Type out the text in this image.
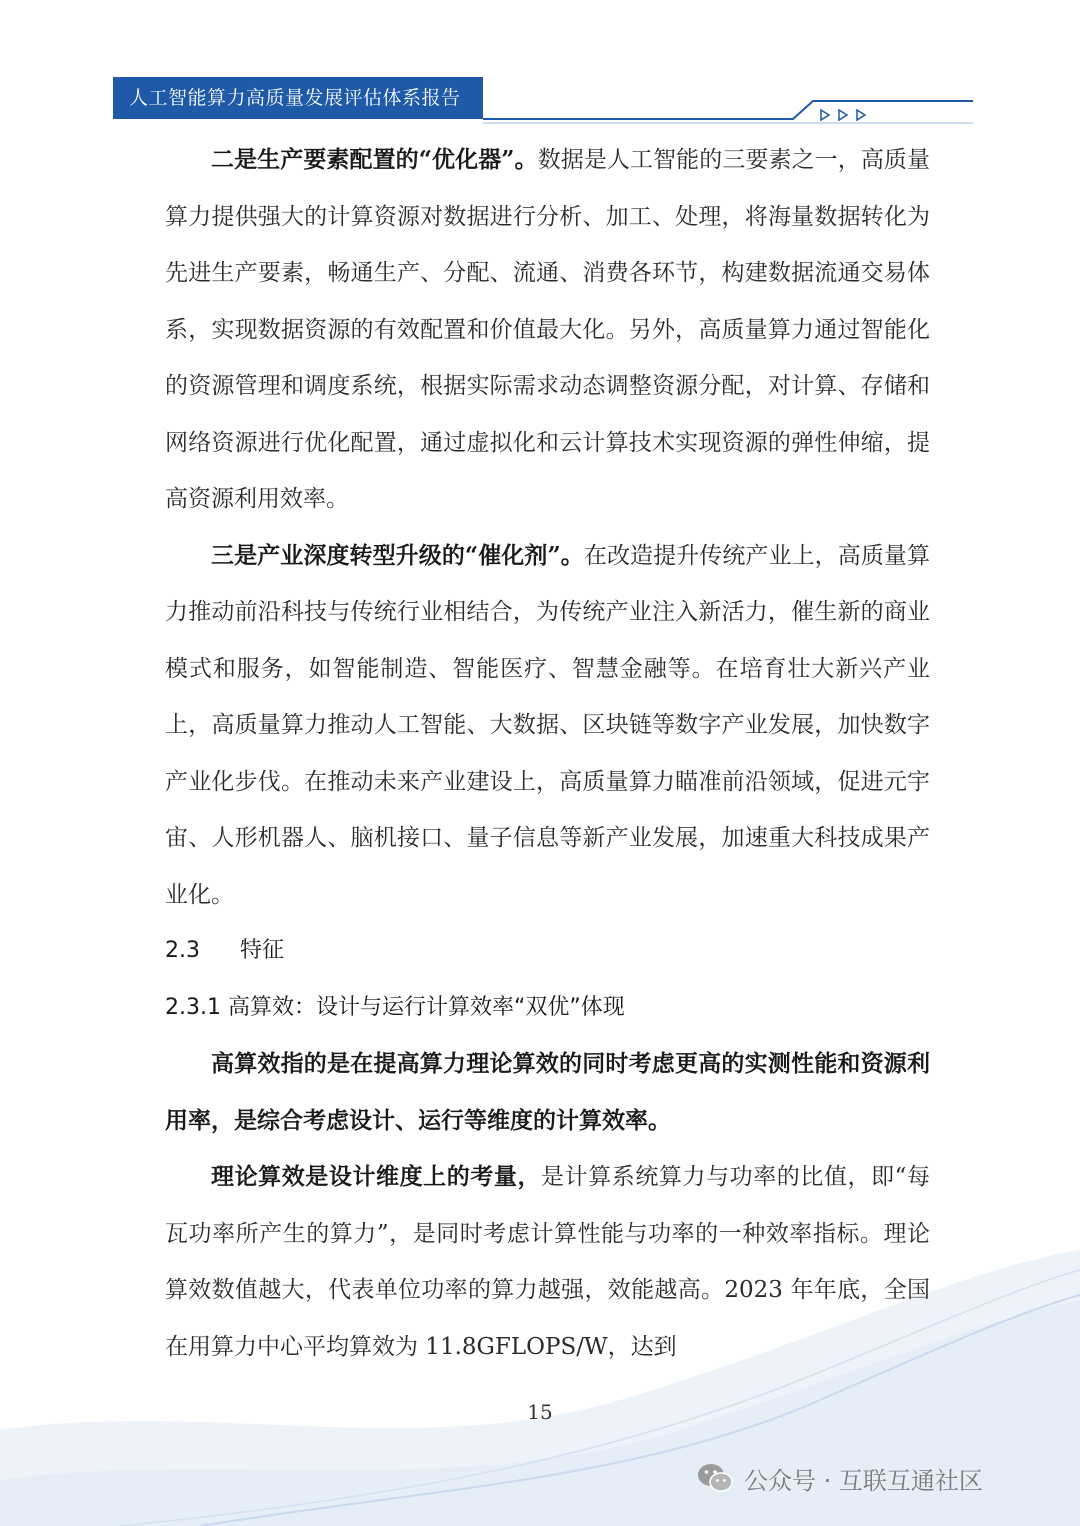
人工智能算力高质量发展评估体系报告

二是生产要素配置的“优化器”。数据是人工智能的三要素之一，高质量算力提供强大的计算资源对数据进行分析、加工、处理，将海量数据转化为先进生产要素，畅通生产、分配、流通、消费各环节，构建数据流通交易体系，实现数据资源的有效配置和价值最大化。另外，高质量算力通过智能化的资源管理和调度系统，根据实际需求动态调整资源分配，对计算、存储和网络资源进行优化配置，通过虚拟化和云计算技术实现资源的弹性伸缩，提高资源利用效率。

三是产业深度转型升级的“催化剂”。在改造提升传统产业上，高质量算力推动前沿科技与传统行业相结合，为传统产业注入新活力，催生新的商业模式和服务，如智能制造、智能医疗、智慧金融等。在培育壮大新兴产业上，高质量算力推动人工智能、大数据、区块链等数字产业发展，加快数字产业化步伐。在推动未来产业建设上，高质量算力瞄准前沿领域，促进元宇宙、人形机器人、脑机接口、量子信息等新产业发展，加速重大科技成果产业化。

2.3 特征

2.3.1 高算效：设计与运行计算效率“双优”体现

高算效指的是在提高算力理论算效的同时考虑更高的实测性能和资源利用率，是综合考虑设计、运行等维度的计算效率。

理论算效是设计维度上的考量，是计算系统算力与功率的比值，即“每瓦功率所产生的算力”，是同时考虑计算性能与功率的一种效率指标。理论算效数值越大，代表单位功率的算力越强，效能越高。2023 年年底，全国在用算力中心平均算效为 11.8GFLOPS/W，达到

15
公众号 · 互联互通社区
